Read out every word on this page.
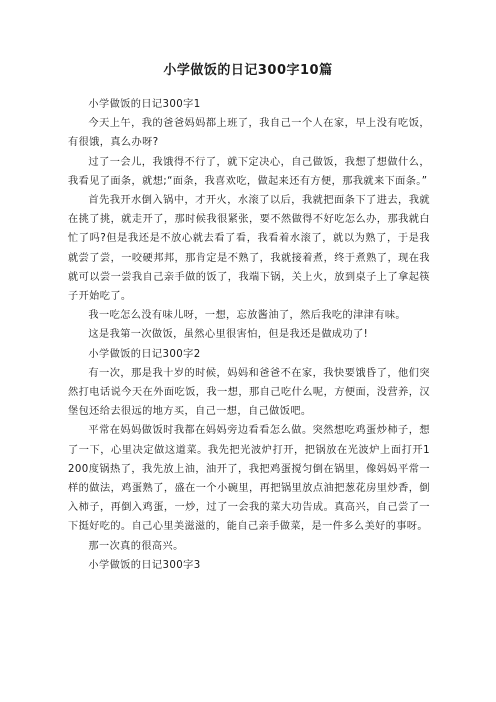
小学做饭的日记300字10篇

小学做饭的日记300字1

今天上午，我的爸爸妈妈都上班了，我自己一个人在家，早上没有吃饭，有很饿，真么办呀?

过了一会儿，我饿得不行了，就下定决心，自己做饭，我想了想做什么，我看见了面条，就想;“面条，我喜欢吃，做起来还有方便，那我就来下面条。”

首先我开水倒入锅中，才开火，水滚了以后，我就把面条下了进去，我就在挑了挑，就走开了，那时候我很紧张，要不然做得不好吃怎么办，那我就白忙了吗?但是我还是不放心就去看了看，我看着水滚了，就以为熟了，于是我就尝了尝，一咬硬邦邦，那肯定是不熟了，我就接着煮，终于煮熟了，现在我就可以尝一尝我自己亲手做的饭了，我端下锅，关上火，放到桌子上了拿起筷子开始吃了。

我一吃怎么没有味儿呀，一想，忘放酱油了，然后我吃的津津有味。

这是我第一次做饭，虽然心里很害怕，但是我还是做成功了!

小学做饭的日记300字2

有一次，那是我十岁的时候，妈妈和爸爸不在家，我快要饿昏了，他们突然打电话说今天在外面吃饭，我一想，那自己吃什么呢，方便面，没营养，汉堡包还给去很远的地方买，自己一想，自己做饭吧。

平常在妈妈做饭时我都在妈妈旁边看看怎么做。突然想吃鸡蛋炒柿子，想了一下，心里决定做这道菜。我先把光波炉打开，把锅放在光波炉上面打开1200度锅热了，我先放上油，油开了，我把鸡蛋搅匀倒在锅里，像妈妈平常一样的做法，鸡蛋熟了，盛在一个小碗里，再把锅里放点油把葱花房里炒香，倒入柿子，再倒入鸡蛋，一炒，过了一会我的菜大功告成。真高兴，自己尝了一下挺好吃的。自己心里美滋滋的，能自己亲手做菜，是一件多么美好的事呀。

那一次真的很高兴。

小学做饭的日记300字3
